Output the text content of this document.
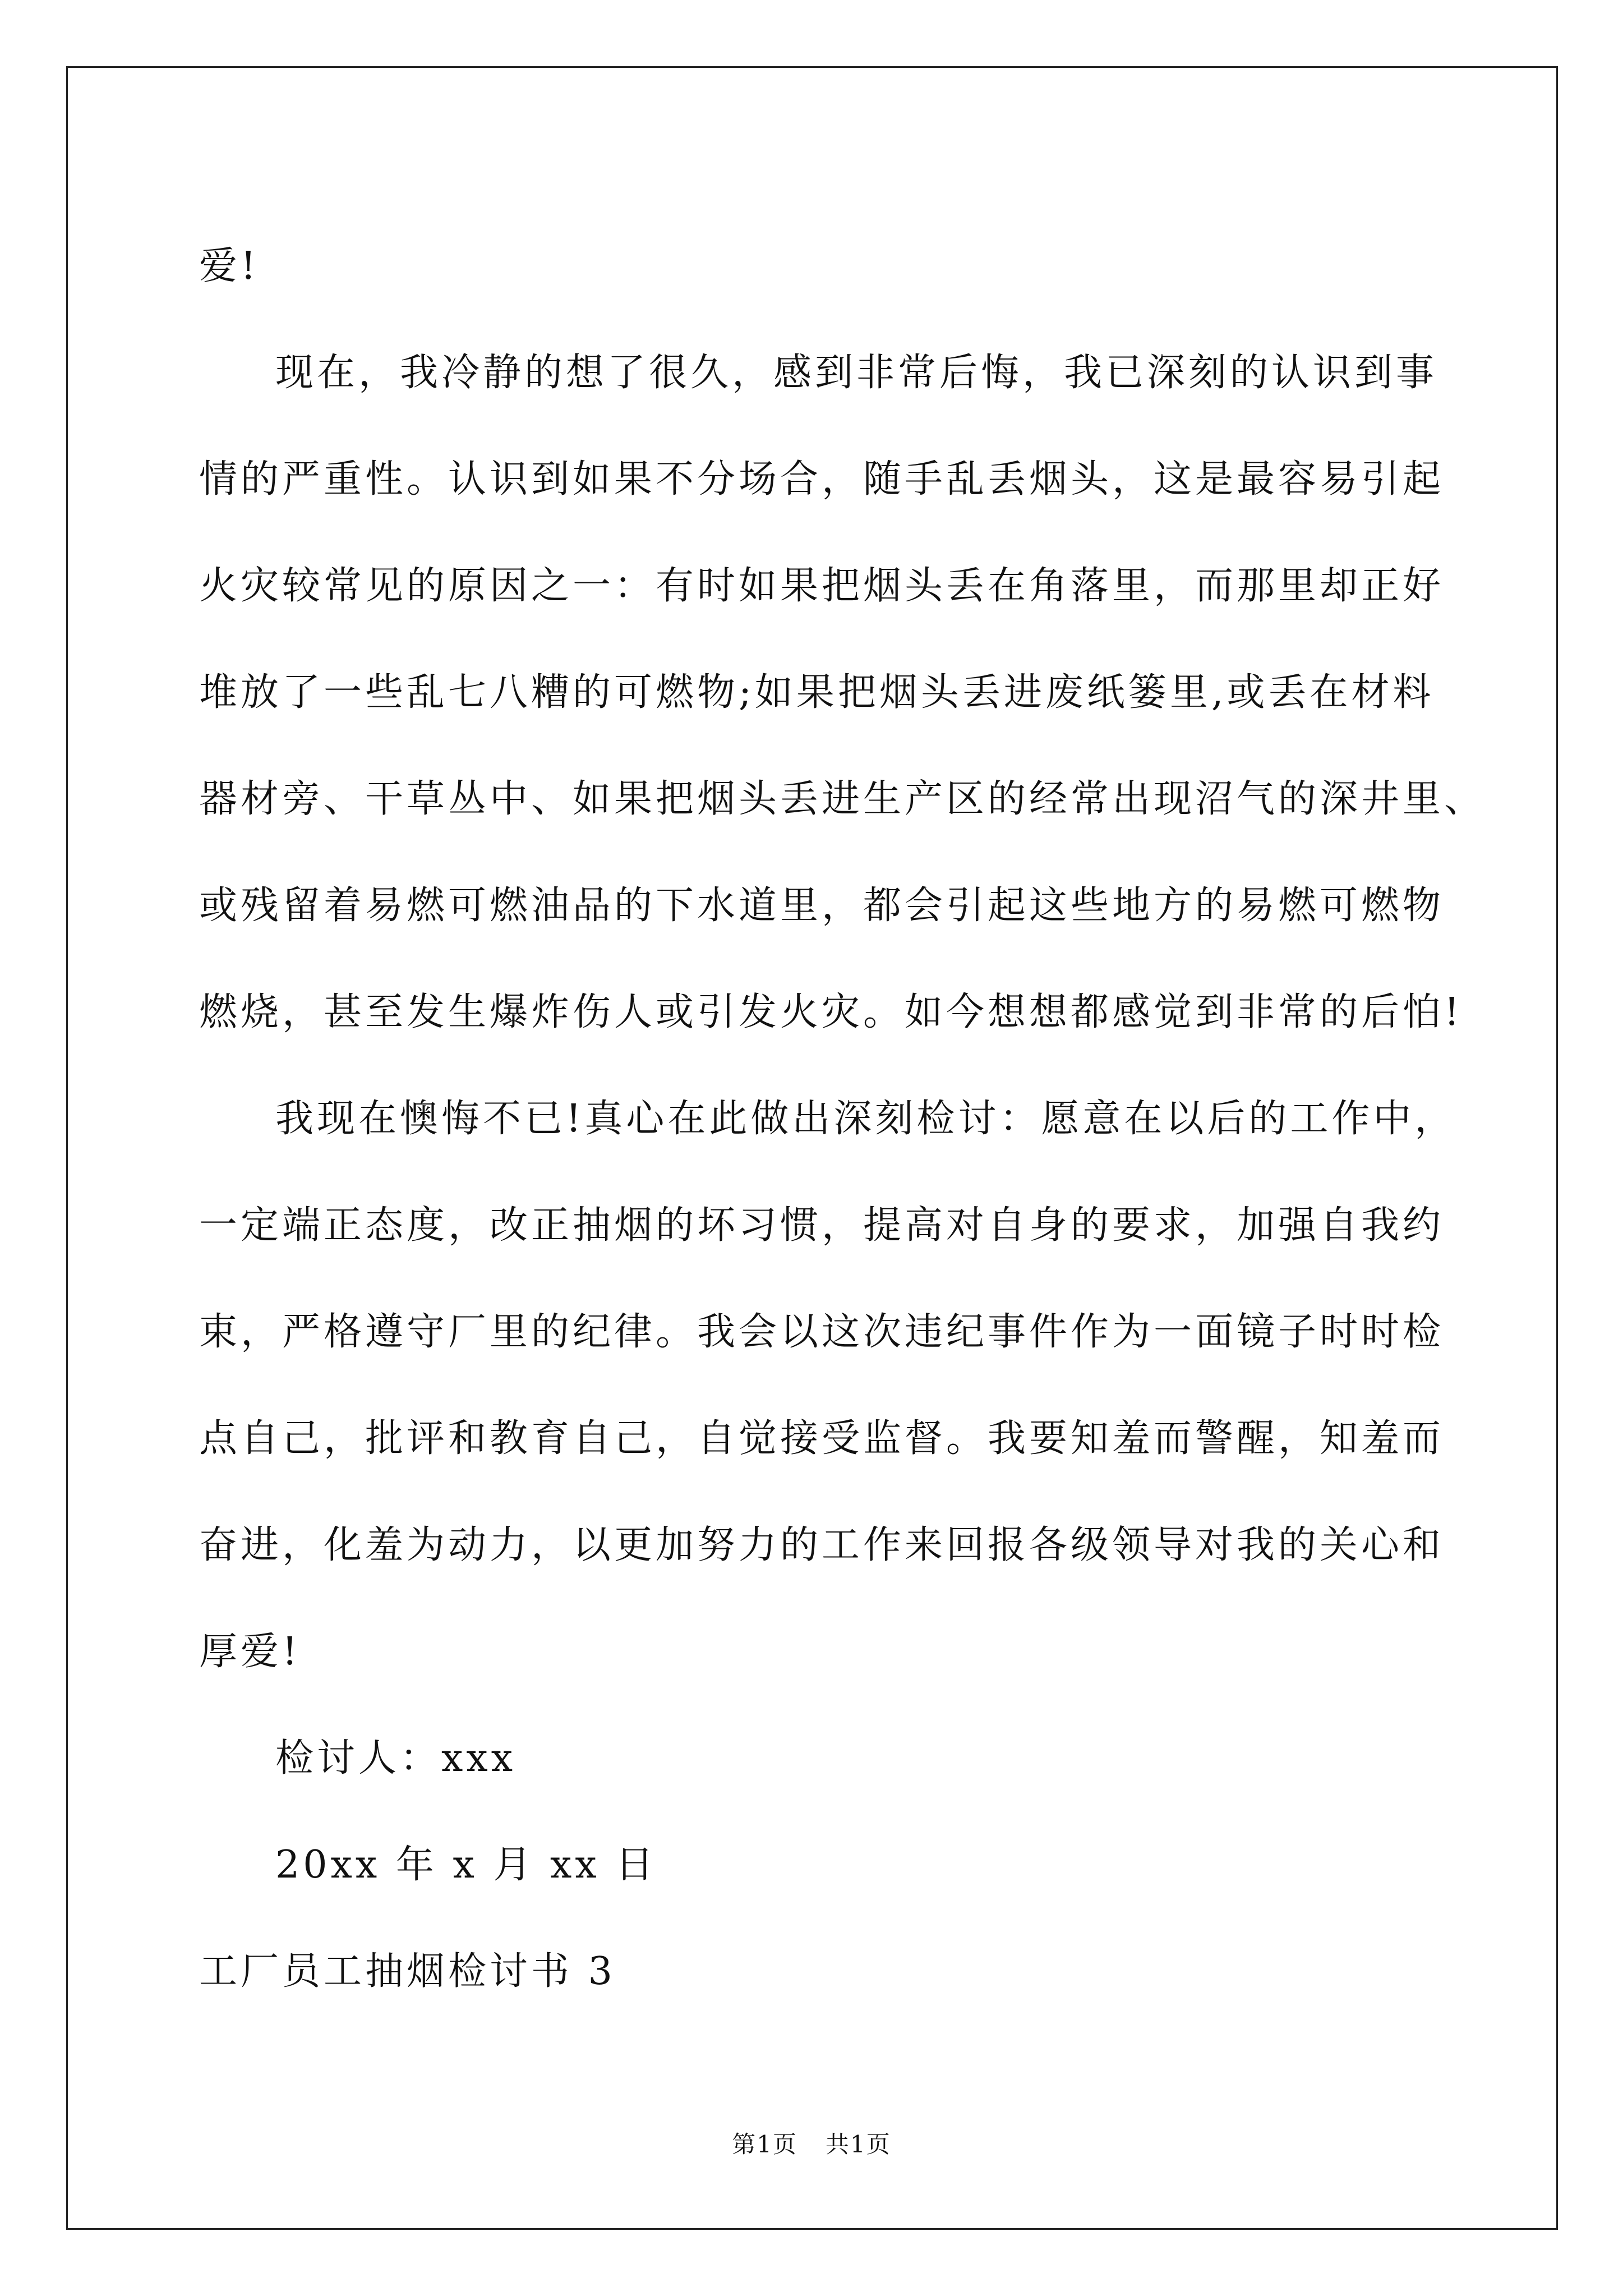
爱!
现在，我冷静的想了很久，感到非常后悔，我已深刻的认识到事
情的严重性。认识到如果不分场合，随手乱丢烟头，这是最容易引起
火灾较常见的原因之一：有时如果把烟头丢在角落里，而那里却正好
堆放了一些乱七八糟的可燃物;如果把烟头丢进废纸篓里,或丢在材料
器材旁、干草丛中、如果把烟头丢进生产区的经常出现沼气的深井里、
或残留着易燃可燃油品的下水道里，都会引起这些地方的易燃可燃物
燃烧，甚至发生爆炸伤人或引发火灾。如今想想都感觉到非常的后怕!
我现在懊悔不已!真心在此做出深刻检讨：愿意在以后的工作中，
一定端正态度，改正抽烟的坏习惯，提高对自身的要求，加强自我约
束，严格遵守厂里的纪律。我会以这次违纪事件作为一面镜子时时检
点自己，批评和教育自己，自觉接受监督。我要知羞而警醒，知羞而
奋进，化羞为动力，以更加努力的工作来回报各级领导对我的关心和
厚爱!
检讨人：xxx
20xx 年 x 月 xx 日
工厂员工抽烟检讨书 3
第1页 共1页
